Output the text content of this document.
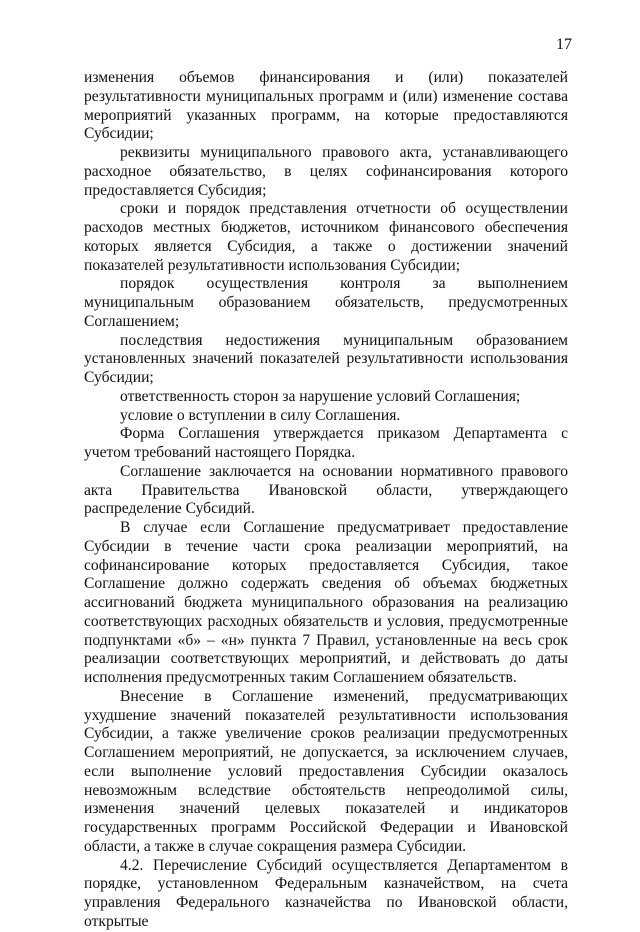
17

изменения объемов финансирования и (или) показателей результативности муниципальных программ и (или) изменение состава мероприятий указанных программ, на которые предоставляются Субсидии;

реквизиты муниципального правового акта, устанавливающего расходное обязательство, в целях софинансирования которого предоставляется Субсидия;

сроки и порядок представления отчетности об осуществлении расходов местных бюджетов, источником финансового обеспечения которых является Субсидия, а также о достижении значений показателей результативности использования Субсидии;

порядок осуществления контроля за выполнением муниципальным образованием обязательств, предусмотренных Соглашением;

последствия недостижения муниципальным образованием установленных значений показателей результативности использования Субсидии;

ответственность сторон за нарушение условий Соглашения;

условие о вступлении в силу Соглашения.

Форма Соглашения утверждается приказом Департамента с учетом требований настоящего Порядка.

Соглашение заключается на основании нормативного правового акта Правительства Ивановской области, утверждающего распределение Субсидий.

В случае если Соглашение предусматривает предоставление Субсидии в течение части срока реализации мероприятий, на софинансирование которых предоставляется Субсидия, такое Соглашение должно содержать сведения об объемах бюджетных ассигнований бюджета муниципального образования на реализацию соответствующих расходных обязательств и условия, предусмотренные подпунктами «б» – «н» пункта 7 Правил, установленные на весь срок реализации соответствующих мероприятий, и действовать до даты исполнения предусмотренных таким Соглашением обязательств.

Внесение в Соглашение изменений, предусматривающих ухудшение значений показателей результативности использования Субсидии, а также увеличение сроков реализации предусмотренных Соглашением мероприятий, не допускается, за исключением случаев, если выполнение условий предоставления Субсидии оказалось невозможным вследствие обстоятельств непреодолимой силы, изменения значений целевых показателей и индикаторов государственных программ Российской Федерации и Ивановской области, а также в случае сокращения размера Субсидии.

4.2. Перечисление Субсидий осуществляется Департаментом в порядке, установленном Федеральным казначейством, на счета управления Федерального казначейства по Ивановской области, открытые
